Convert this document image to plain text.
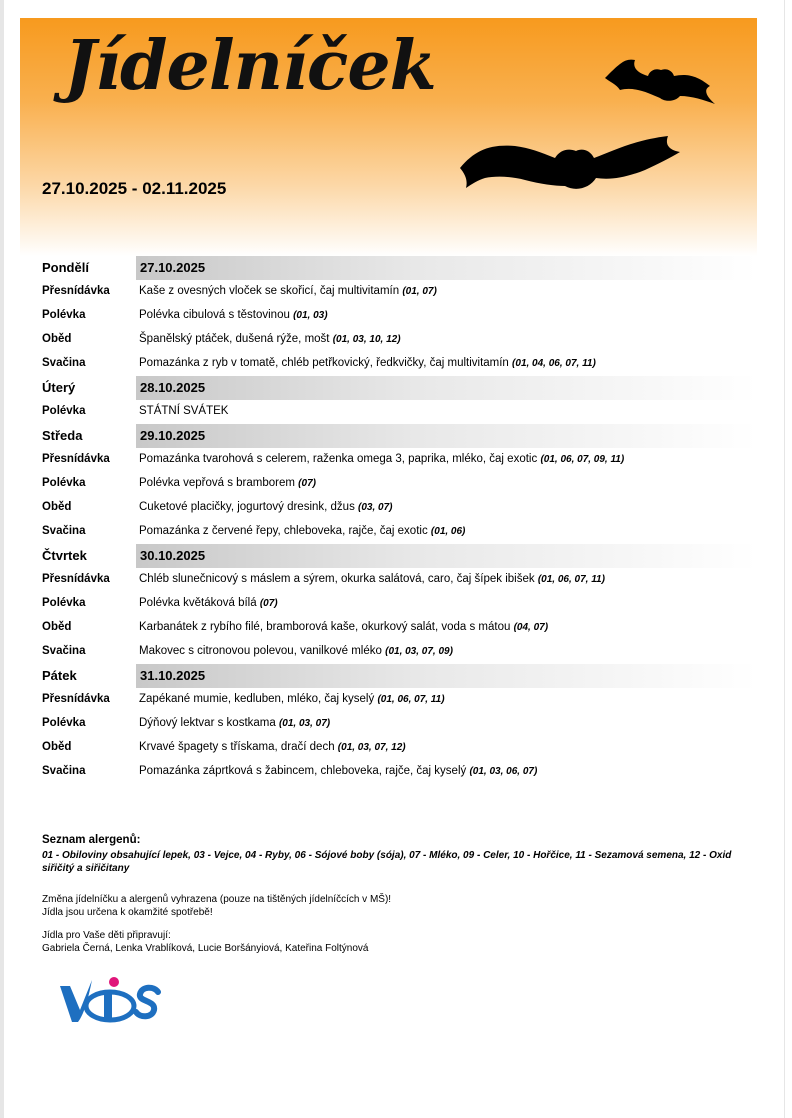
Jídelníček
27.10.2025 - 02.11.2025
Pondělí	27.10.2025
Přesnídávka	Kaše z ovesných vloček se skořicí, čaj multivitamín (01, 07)
Polévka	Polévka cibulová s těstovinou (01, 03)
Oběd	Španělský ptáček, dušená rýže, mošt (01, 03, 10, 12)
Svačina	Pomazánka z ryb v tomatě, chléb petřkovický, ředkvičky, čaj multivitamín (01, 04, 06, 07, 11)
Úterý	28.10.2025
Polévka	STÁTNÍ SVÁTEK
Středa	29.10.2025
Přesnídávka	Pomazánka tvarohová s celerem, raženka omega 3, paprika, mléko, čaj exotic (01, 06, 07, 09, 11)
Polévka	Polévka vepřová s bramborem (07)
Oběd	Cuketové placičky, jogurtový dresink, džus (03, 07)
Svačina	Pomazánka z červené řepy, chleboveka, rajče, čaj exotic (01, 06)
Čtvrtek	30.10.2025
Přesnídávka	Chléb slunečnicový s máslem a sýrem, okurka salátová, caro, čaj šípek ibišek (01, 06, 07, 11)
Polévka	Polévka květáková bílá (07)
Oběd	Karbanátek z rybího filé, bramborová kaše, okurkový salát, voda s mátou (04, 07)
Svačina	Makovec s citronovou polevou, vanilkové mléko (01, 03, 07, 09)
Pátek	31.10.2025
Přesnídávka	Zapékané mumie, kedluben, mléko, čaj kyselý (01, 06, 07, 11)
Polévka	Dýňový lektvar s kostkama (01, 03, 07)
Oběd	Krvavé špagety s třískama, dračí dech (01, 03, 07, 12)
Svačina	Pomazánka záprtková s žabincem, chleboveka, rajče, čaj kyselý (01, 03, 06, 07)
Seznam alergenů:
01 - Obiloviny obsahující lepek, 03 - Vejce, 04 - Ryby, 06 - Sójové boby (sója), 07 - Mléko, 09 - Celer, 10 - Hořčice, 11 - Sezamová semena, 12 - Oxid siřičitý a siřičitany
Změna jídelníčku a alergenů vyhrazena (pouze na tištěných jídelníčcích v MŠ)!
Jídla jsou určena k okamžité spotřebě!
Jídla pro Vaše děti připravují:
Gabriela Černá, Lenka Vrablíková, Lucie Boršányiová, Kateřina Foltýnová
